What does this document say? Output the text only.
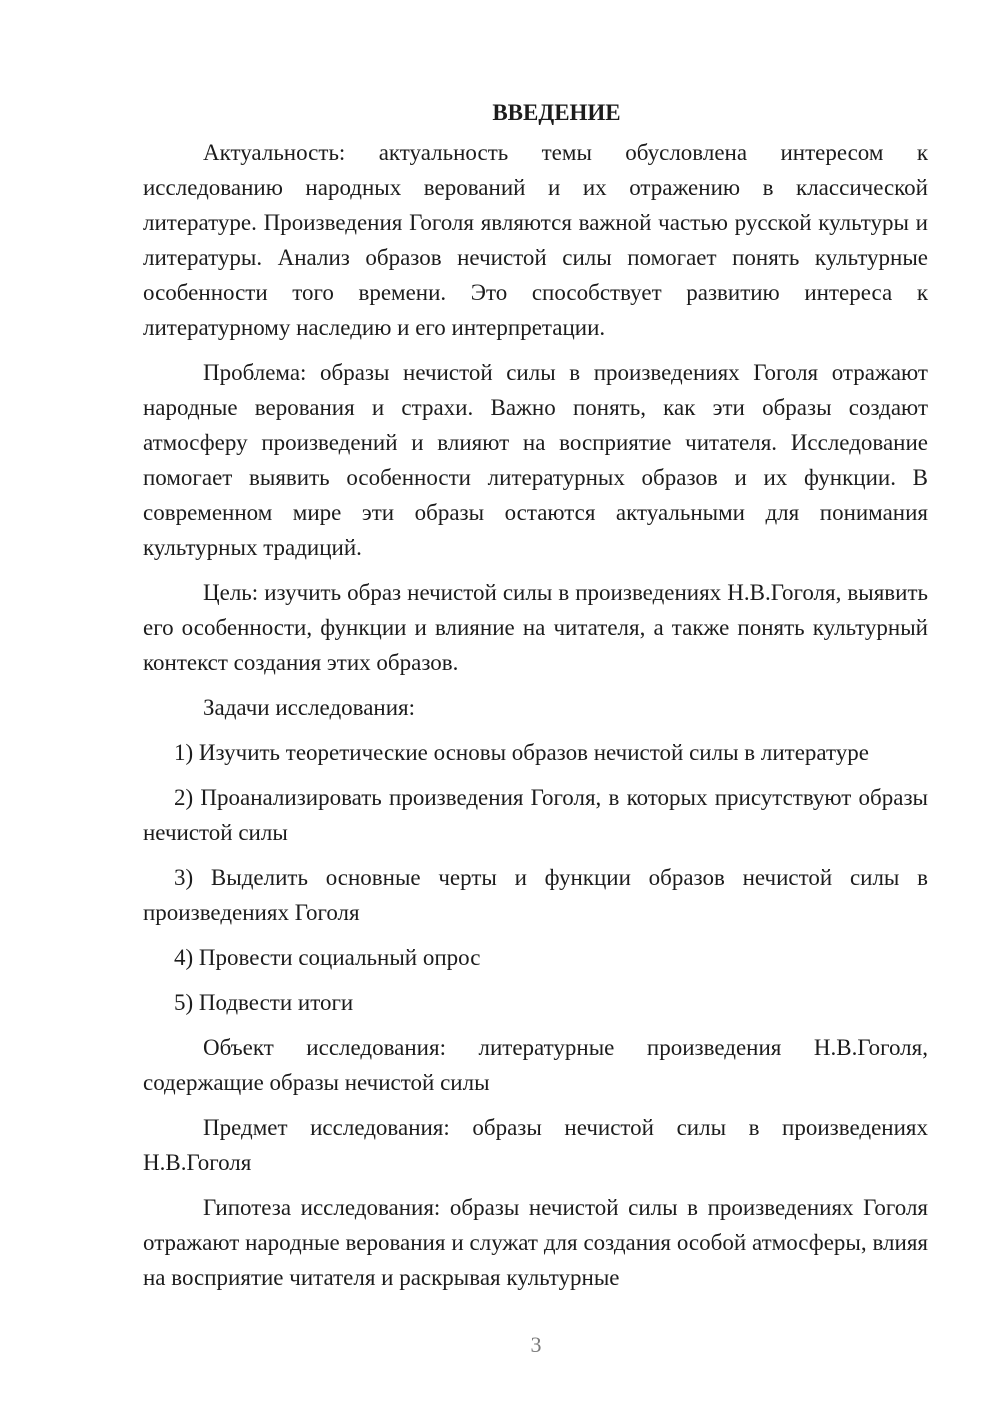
ВВЕДЕНИЕ

Актуальность: актуальность темы обусловлена интересом к исследованию народных верований и их отражению в классической литературе. Произведения Гоголя являются важной частью русской культуры и литературы. Анализ образов нечистой силы помогает понять культурные особенности того времени. Это способствует развитию интереса к литературному наследию и его интерпретации.

Проблема: образы нечистой силы в произведениях Гоголя отражают народные верования и страхи. Важно понять, как эти образы создают атмосферу произведений и влияют на восприятие читателя. Исследование помогает выявить особенности литературных образов и их функции. В современном мире эти образы остаются актуальными для понимания культурных традиций.

Цель: изучить образ нечистой силы в произведениях Н.В.Гоголя, выявить его особенности, функции и влияние на читателя, а также понять культурный контекст создания этих образов.

Задачи исследования:

1) Изучить теоретические основы образов нечистой силы в литературе

2) Проанализировать произведения Гоголя, в которых присутствуют образы нечистой силы

3) Выделить основные черты и функции образов нечистой силы в произведениях Гоголя

4) Провести социальный опрос

5) Подвести итоги

Объект исследования: литературные произведения Н.В.Гоголя, содержащие образы нечистой силы

Предмет исследования: образы нечистой силы в произведениях Н.В.Гоголя

Гипотеза исследования: образы нечистой силы в произведениях Гоголя отражают народные верования и служат для создания особой атмосферы, влияя на восприятие читателя и раскрывая культурные

3
